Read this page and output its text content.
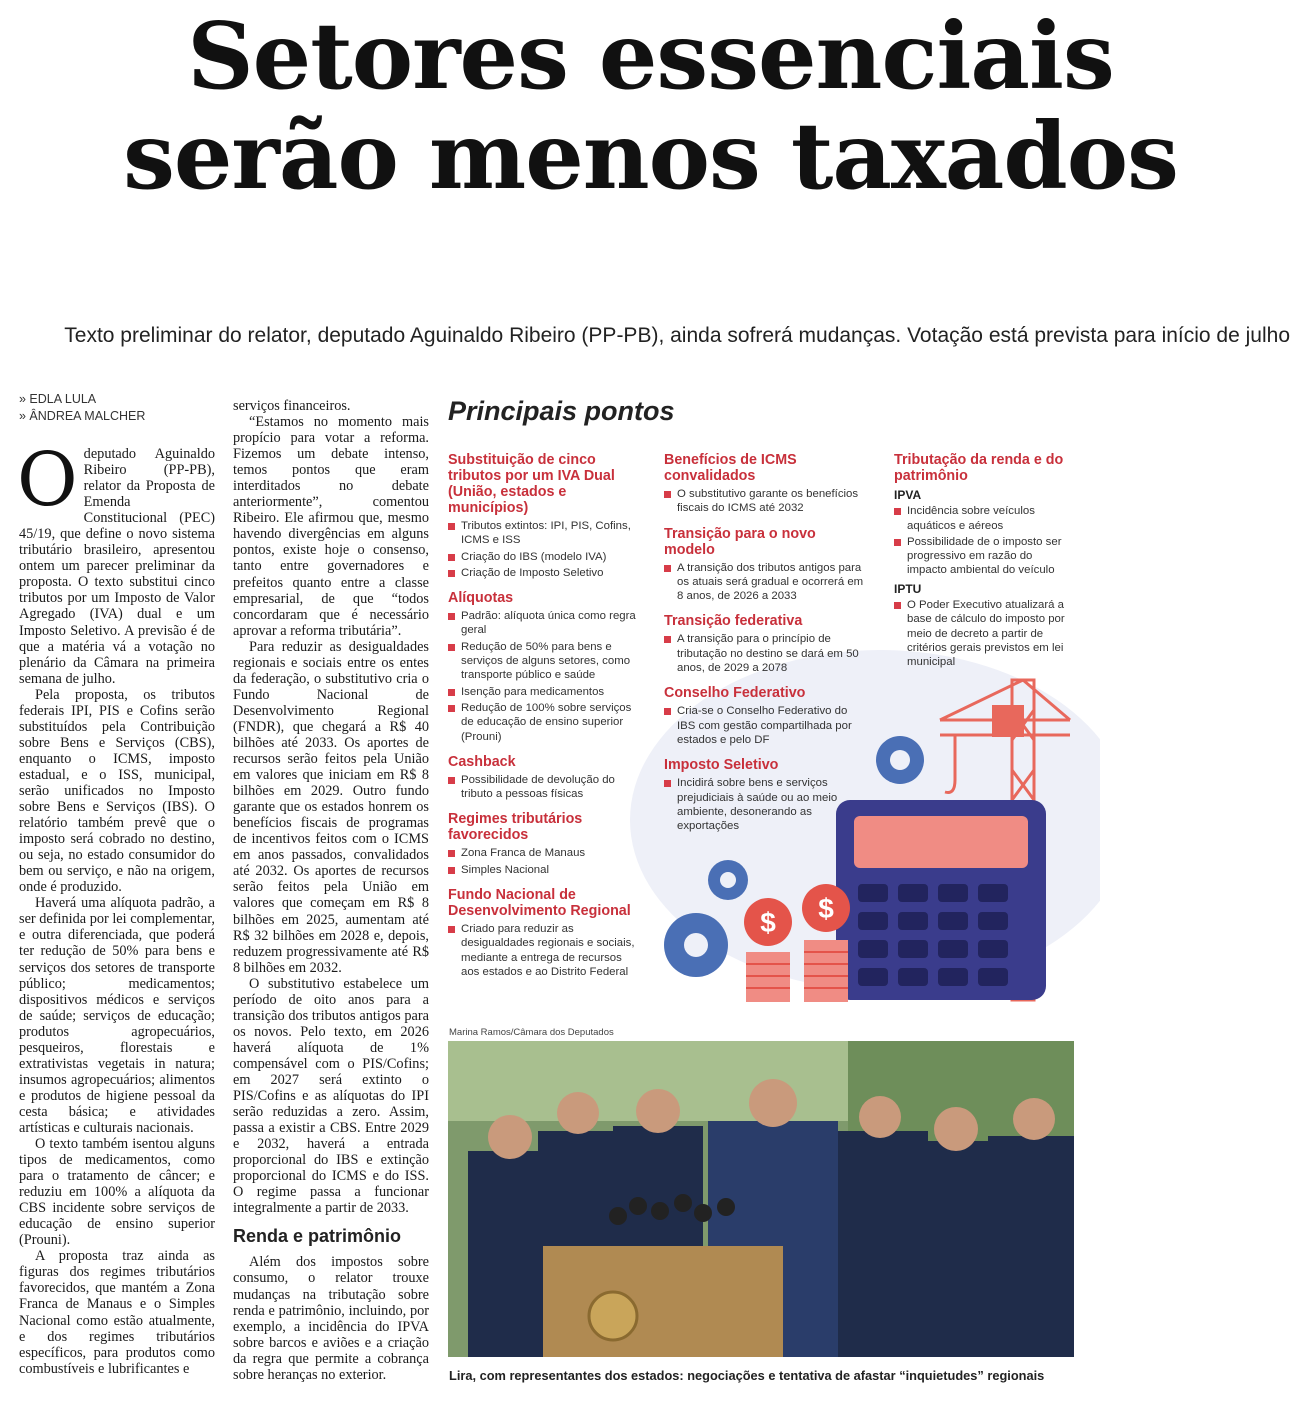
Setores essenciais
serão menos taxados
Texto preliminar do relator, deputado Aguinaldo Ribeiro (PP-PB), ainda sofrerá mudanças. Votação está prevista para início de julho
» EDLA LULA
» ÂNDREA MALCHER
O deputado Aguinaldo Ribeiro (PP-PB), relator da Proposta de Emenda Constitucional (PEC) 45/19, que define o novo sistema tributário brasileiro, apresentou ontem um parecer preliminar da proposta. O texto substitui cinco tributos por um Imposto de Valor Agregado (IVA) dual e um Imposto Seletivo. A previsão é de que a matéria vá a votação no plenário da Câmara na primeira semana de julho.

Pela proposta, os tributos federais IPI, PIS e Cofins serão substituídos pela Contribuição sobre Bens e Serviços (CBS), enquanto o ICMS, imposto estadual, e o ISS, municipal, serão unificados no Imposto sobre Bens e Serviços (IBS). O relatório também prevê que o imposto será cobrado no destino, ou seja, no estado consumidor do bem ou serviço, e não na origem, onde é produzido.

Haverá uma alíquota padrão, a ser definida por lei complementar, e outra diferenciada, que poderá ter redução de 50% para bens e serviços dos setores de transporte público; medicamentos; dispositivos médicos e serviços de saúde; serviços de educação; produtos agropecuários, pesqueiros, florestais e extrativistas vegetais in natura; insumos agropecuários; alimentos e produtos de higiene pessoal da cesta básica; e atividades artísticas e culturais nacionais.

O texto também isentou alguns tipos de medicamentos, como para o tratamento de câncer; e reduziu em 100% a alíquota da CBS incidente sobre serviços de educação de ensino superior (Prouni).

A proposta traz ainda as figuras dos regimes tributários favorecidos, que mantém a Zona Franca de Manaus e o Simples Nacional como estão atualmente, e dos regimes tributários específicos, para produtos como combustíveis e lubrificantes e

serviços financeiros.

“Estamos no momento mais propício para votar a reforma. Fizemos um debate intenso, temos pontos que eram interditados no debate anteriormente”, comentou Ribeiro. Ele afirmou que, mesmo havendo divergências em alguns pontos, existe hoje o consenso, tanto entre governadores e prefeitos quanto entre a classe empresarial, de que “todos concordaram que é necessário aprovar a reforma tributária”.

Para reduzir as desigualdades regionais e sociais entre os entes da federação, o substitutivo cria o Fundo Nacional de Desenvolvimento Regional (FNDR), que chegará a R$ 40 bilhões até 2033. Os aportes de recursos serão feitos pela União em valores que iniciam em R$ 8 bilhões em 2029. Outro fundo garante que os estados honrem os benefícios fiscais de programas de incentivos feitos com o ICMS em anos passados, convalidados até 2032. Os aportes de recursos serão feitos pela União em valores que começam em R$ 8 bilhões em 2025, aumentam até R$ 32 bilhões em 2028 e, depois, reduzem progressivamente até R$ 8 bilhões em 2032.

O substitutivo estabelece um período de oito anos para a transição dos tributos antigos para os novos. Pelo texto, em 2026 haverá alíquota de 1% compensável com o PIS/Cofins; em 2027 será extinto o PIS/Cofins e as alíquotas do IPI serão reduzidas a zero. Assim, passa a existir a CBS. Entre 2029 e 2032, haverá a entrada proporcional do IBS e extinção proporcional do ICMS e do ISS. O regime passa a funcionar integralmente a partir de 2033.

Renda e patrimônio

Além dos impostos sobre consumo, o relator trouxe mudanças na tributação sobre renda e patrimônio, incluindo, por exemplo, a incidência do IPVA sobre barcos e aviões e a criação da regra que permite a cobrança sobre heranças no exterior.

Principais pontos
$ $
Substituição de cinco tributos por um IVA Dual (União, estados e municípios)
Tributos extintos: IPI, PIS, Cofins, ICMS e ISS
Criação do IBS (modelo IVA)
Criação de Imposto Seletivo
Alíquotas
Padrão: alíquota única como regra geral
Redução de 50% para bens e serviços de alguns setores, como transporte público e saúde
Isenção para medicamentos
Redução de 100% sobre serviços de educação de ensino superior (Prouni)
Cashback
Possibilidade de devolução do tributo a pessoas físicas
Regimes tributários favorecidos
Zona Franca de Manaus
Simples Nacional
Fundo Nacional de Desenvolvimento Regional
Criado para reduzir as desigualdades regionais e sociais, mediante a entrega de recursos aos estados e ao Distrito Federal
Benefícios de ICMS convalidados
O substitutivo garante os benefícios fiscais do ICMS até 2032
Transição para o novo modelo
A transição dos tributos antigos para os atuais será gradual e ocorrerá em 8 anos, de 2026 a 2033
Transição federativa
A transição para o princípio de tributação no destino se dará em 50 anos, de 2029 a 2078
Conselho Federativo
Cria-se o Conselho Federativo do IBS com gestão compartilhada por estados e pelo DF
Imposto Seletivo
Incidirá sobre bens e serviços prejudiciais à saúde ou ao meio ambiente, desonerando as exportações
Tributação da renda e do patrimônio
IPVA
Incidência sobre veículos aquáticos e aéreos
Possibilidade de o imposto ser progressivo em razão do impacto ambiental do veículo
IPTU
O Poder Executivo atualizará a base de cálculo do imposto por meio de decreto a partir de critérios gerais previstos em lei municipal
Marina Ramos/Câmara dos Deputados
Lira, com representantes dos estados: negociações e tentativa de afastar “inquietudes” regionais
